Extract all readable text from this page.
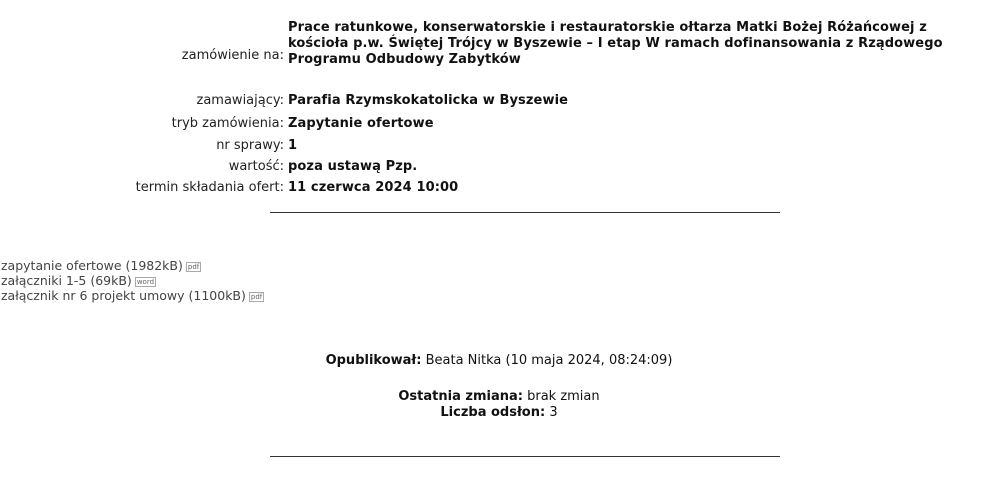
zamówienie na:
Prace ratunkowe, konserwatorskie i restauratorskie ołtarza Matki Bożej Różańcowej z kościoła p.w. Świętej Trójcy w Byszewie – I etap W ramach dofinansowania z Rządowego Programu Odbudowy Zabytków
zamawiający: Parafia Rzymskokatolicka w Byszewie
tryb zamówienia: Zapytanie ofertowe
nr sprawy: 1
wartość: poza ustawą Pzp.
termin składania ofert: 11 czerwca 2024 10:00
zapytanie ofertowe (1982kB) pdf
załączniki 1-5 (69kB) word
załącznik nr 6 projekt umowy (1100kB) pdf
Opublikował: Beata Nitka (10 maja 2024, 08:24:09)
Ostatnia zmiana: brak zmian
Liczba odsłon: 3
